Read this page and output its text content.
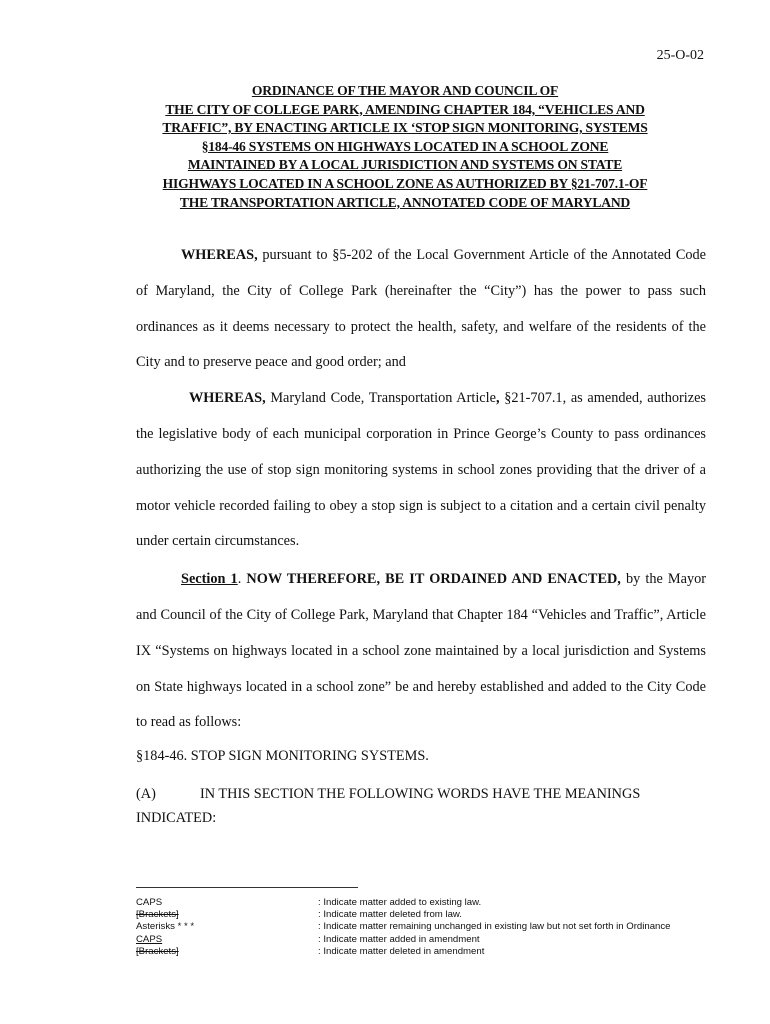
25-O-02
ORDINANCE OF THE MAYOR AND COUNCIL OF
THE CITY OF COLLEGE PARK, AMENDING CHAPTER 184, “VEHICLES AND
TRAFFIC”, BY ENACTING ARTICLE IX ‘STOP SIGN MONITORING, SYSTEMS
§184-46 SYSTEMS ON HIGHWAYS LOCATED IN A SCHOOL ZONE
MAINTAINED BY A LOCAL JURISDICTION AND SYSTEMS ON STATE
HIGHWAYS LOCATED IN A SCHOOL ZONE AS AUTHORIZED BY §21-707.1-OF
THE TRANSPORTATION ARTICLE, ANNOTATED CODE OF MARYLAND

WHEREAS, pursuant to §5-202 of the Local Government Article of the Annotated Code of Maryland, the City of College Park (hereinafter the “City”) has the power to pass such ordinances as it deems necessary to protect the health, safety, and welfare of the residents of the City and to preserve peace and good order; and

WHEREAS, Maryland Code, Transportation Article, §21-707.1, as amended, authorizes the legislative body of each municipal corporation in Prince George’s County to pass ordinances authorizing the use of stop sign monitoring systems in school zones providing that the driver of a motor vehicle recorded failing to obey a stop sign is subject to a citation and a certain civil penalty under certain circumstances.

Section 1. NOW THEREFORE, BE IT ORDAINED AND ENACTED, by the Mayor and Council of the City of College Park, Maryland that Chapter 184 “Vehicles and Traffic”, Article IX “Systems on highways located in a school zone maintained by a local jurisdiction and Systems on State highways located in a school zone” be and hereby established and added to the City Code to read as follows:

§184-46. STOP SIGN MONITORING SYSTEMS.
(A)	IN THIS SECTION THE FOLLOWING WORDS HAVE THE MEANINGS INDICATED:
CAPS	: Indicate matter added to existing law.
[Brackets]	: Indicate matter deleted from law.
Asterisks * * *	: Indicate matter remaining unchanged in existing law but not set forth in Ordinance
CAPS	: Indicate matter added in amendment
[Brackets]	: Indicate matter deleted in amendment
